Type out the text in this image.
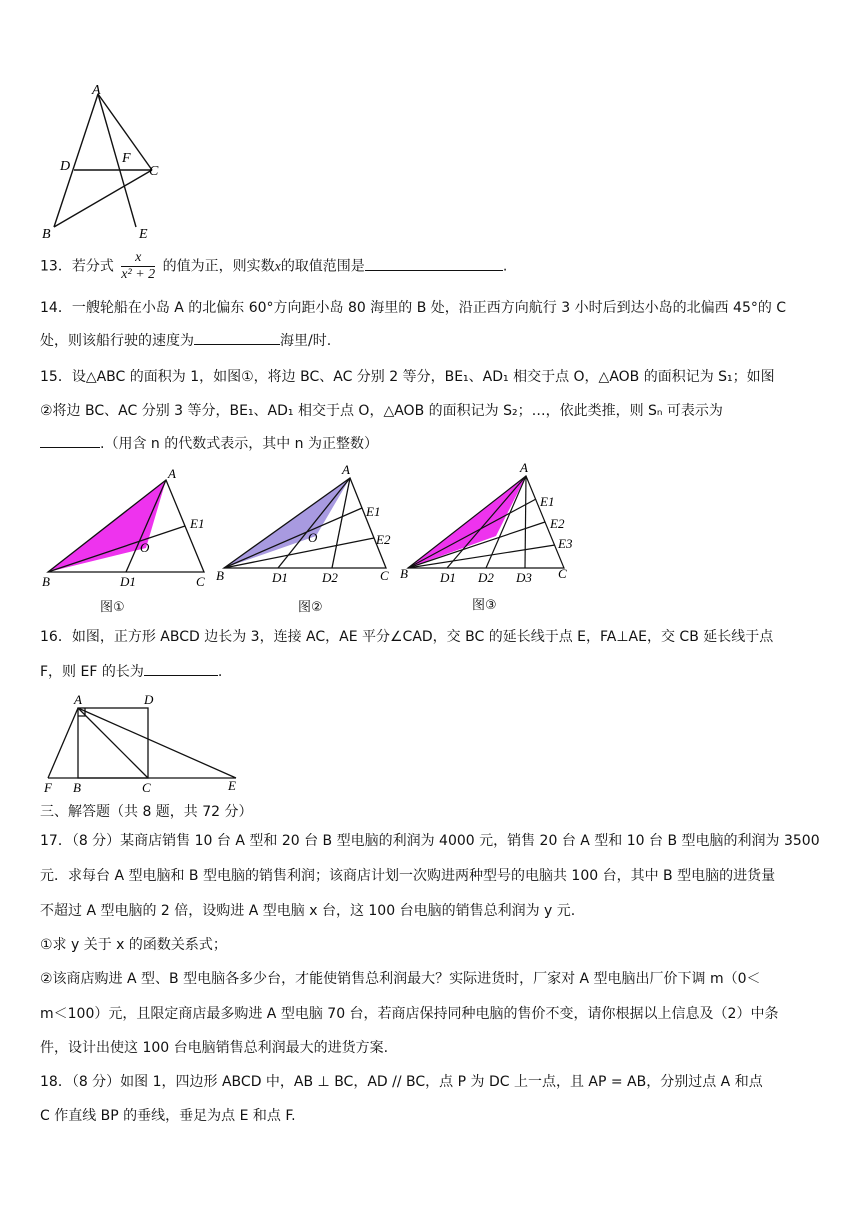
A
D
F
C
B	E
13．若分式 $\frac{x}{\text{x² + 2}}$ 的值为正，则实数x的取值范围是	.
14．一艘轮船在小岛 A 的北偏东 60°方向距小岛 80 海里的 B 处，沿正西方向航行 3 小时后到达小岛的北偏西 45°的 C
处，则该船行驶的速度为	海里/时.
15．设△ABC 的面积为 1，如图①，将边 BC、AC 分别 2 等分，BE₁、AD₁ 相交于点 O，△AOB 的面积记为 S₁；如图
②将边 BC、AC 分别 3 等分，BE₁、AD₁ 相交于点 O，△AOB 的面积记为 S₂；…，依此类推，则 Sₙ 可表示为
.（用含 n 的代数式表示，其中 n 为正整数）
A
E1
O
B	D1	C
图①
A
E1
E2
O
B	D1	D2	C
图②
A
E1
E2
E3
B D1 D2 D3 C
图③
16．如图，正方形 ABCD 边长为 3，连接 AC，AE 平分∠CAD，交 BC 的延长线于点 E，FA⊥AE，交 CB 延长线于点
F，则 EF 的长为	.
A	D
F B	C	E
三、解答题（共 8 题，共 72 分）
17．（8 分）某商店销售 10 台 A 型和 20 台 B 型电脑的利润为 4000 元，销售 20 台 A 型和 10 台 B 型电脑的利润为 3500
元．求每台 A 型电脑和 B 型电脑的销售利润；该商店计划一次购进两种型号的电脑共 100 台，其中 B 型电脑的进货量
不超过 A 型电脑的 2 倍，设购进 A 型电脑 x 台，这 100 台电脑的销售总利润为 y 元.
①求 y 关于 x 的函数关系式；
②该商店购进 A 型、B 型电脑各多少台，才能使销售总利润最大？实际进货时，厂家对 A 型电脑出厂价下调 m（0＜
m＜100）元，且限定商店最多购进 A 型电脑 70 台，若商店保持同种电脑的售价不变，请你根据以上信息及（2）中条
件，设计出使这 100 台电脑销售总利润最大的进货方案.
18．（8 分）如图 1，四边形 ABCD 中，AB ⊥ BC，AD // BC，点 P 为 DC 上一点，且 AP = AB，分别过点 A 和点
C 作直线 BP 的垂线，垂足为点 E 和点 F.
